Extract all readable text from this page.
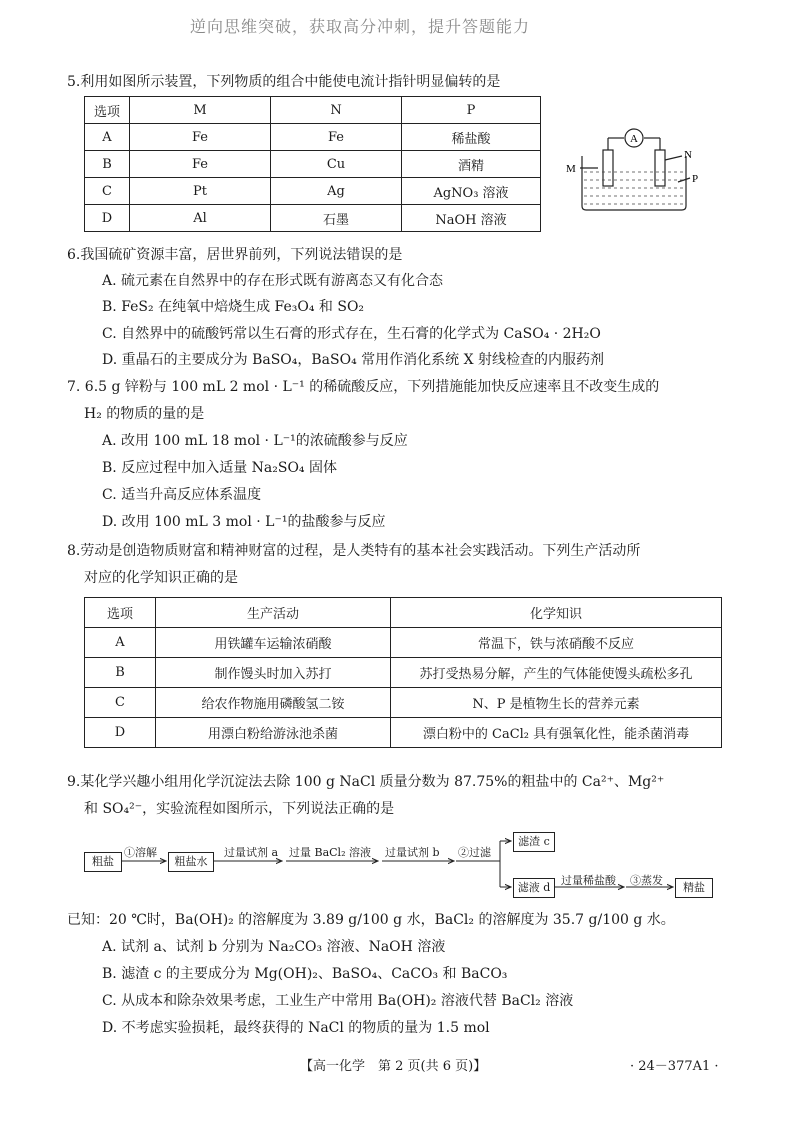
逆向思维突破，获取高分冲刺，提升答题能力
5.利用如图所示装置，下列物质的组合中能使电流计指针明显偏转的是
选项	M	N	P
A	Fe	Fe	稀盐酸
B	Fe	Cu	酒精
C	Pt	Ag	AgNO₃ 溶液
D	Al	石墨	NaOH 溶液
A
M
N
P
6.我国硫矿资源丰富，居世界前列，下列说法错误的是
A. 硫元素在自然界中的存在形式既有游离态又有化合态
B. FeS₂ 在纯氧中焙烧生成 Fe₃O₄ 和 SO₂
C. 自然界中的硫酸钙常以生石膏的形式存在，生石膏的化学式为 CaSO₄ · 2H₂O
D. 重晶石的主要成分为 BaSO₄，BaSO₄ 常用作消化系统 X 射线检查的内服药剂
7. 6.5 g 锌粉与 100 mL 2 mol · L⁻¹ 的稀硫酸反应，下列措施能加快反应速率且不改变生成的
H₂ 的物质的量的是
A. 改用 100 mL 18 mol · L⁻¹的浓硫酸参与反应
B. 反应过程中加入适量 Na₂SO₄ 固体
C. 适当升高反应体系温度
D. 改用 100 mL 3 mol · L⁻¹的盐酸参与反应
8.劳动是创造物质财富和精神财富的过程，是人类特有的基本社会实践活动。下列生产活动所
对应的化学知识正确的是
选项	生产活动	化学知识
A	用铁罐车运输浓硝酸	常温下，铁与浓硝酸不反应
B	制作馒头时加入苏打	苏打受热易分解，产生的气体能使馒头疏松多孔
C	给农作物施用磷酸氢二铵	N、P 是植物生长的营养元素
D	用漂白粉给游泳池杀菌	漂白粉中的 CaCl₂ 具有强氧化性，能杀菌消毒
9.某化学兴趣小组用化学沉淀法去除 100 g NaCl 质量分数为 87.75%的粗盐中的 Ca²⁺、Mg²⁺
和 SO₄²⁻，实验流程如图所示，下列说法正确的是
粗盐
①溶解
粗盐水
过量试剂 a 过量 BaCl₂ 溶液 过量试剂 b ②过滤
滤渣 c
滤液 d
过量稀盐酸 ③蒸发
精盐
已知：20 ℃时，Ba(OH)₂ 的溶解度为 3.89 g/100 g 水，BaCl₂ 的溶解度为 35.7 g/100 g 水。
A. 试剂 a、试剂 b 分别为 Na₂CO₃ 溶液、NaOH 溶液
B. 滤渣 c 的主要成分为 Mg(OH)₂、BaSO₄、CaCO₃ 和 BaCO₃
C. 从成本和除杂效果考虑，工业生产中常用 Ba(OH)₂ 溶液代替 BaCl₂ 溶液
D. 不考虑实验损耗，最终获得的 NaCl 的物质的量为 1.5 mol
【高一化学　第 2 页(共 6 页)】	· 24－377A1 ·
